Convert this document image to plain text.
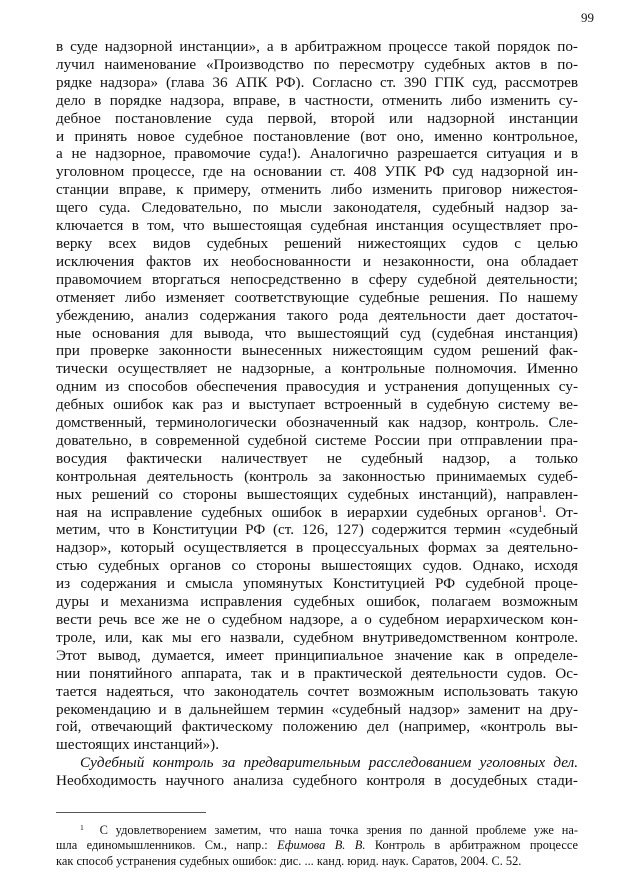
99
в суде надзорной инстанции», а в арбитражном процессе такой порядок по-
лучил наименование «Производство по пересмотру судебных актов в по-
рядке надзора» (глава 36 АПК РФ). Согласно ст. 390 ГПК суд, рассмотрев
дело в порядке надзора, вправе, в частности, отменить либо изменить су-
дебное постановление суда первой, второй или надзорной инстанции
и принять новое судебное постановление (вот оно, именно контрольное,
а не надзорное, правомочие суда!). Аналогично разрешается ситуация и в
уголовном процессе, где на основании ст. 408 УПК РФ суд надзорной ин-
станции вправе, к примеру, отменить либо изменить приговор нижестоя-
щего суда. Следовательно, по мысли законодателя, судебный надзор за-
ключается в том, что вышестоящая судебная инстанция осуществляет про-
верку всех видов судебных решений нижестоящих судов с целью
исключения фактов их необоснованности и незаконности, она обладает
правомочием вторгаться непосредственно в сферу судебной деятельности;
отменяет либо изменяет соответствующие судебные решения. По нашему
убеждению, анализ содержания такого рода деятельности дает достаточ-
ные основания для вывода, что вышестоящий суд (судебная инстанция)
при проверке законности вынесенных нижестоящим судом решений фак-
тически осуществляет не надзорные, а контрольные полномочия. Именно
одним из способов обеспечения правосудия и устранения допущенных су-
дебных ошибок как раз и выступает встроенный в судебную систему ве-
домственный, терминологически обозначенный как надзор, контроль. Сле-
довательно, в современной судебной системе России при отправлении пра-
восудия фактически наличествует не судебный надзор, а только
контрольная деятельность (контроль за законностью принимаемых судеб-
ных решений со стороны вышестоящих судебных инстанций), направлен-
ная на исправление судебных ошибок в иерархии судебных органов$^1$. От-
метим, что в Конституции РФ (ст. 126, 127) содержится термин «судебный
надзор», который осуществляется в процессуальных формах за деятельно-
стью судебных органов со стороны вышестоящих судов. Однако, исходя
из содержания и смысла упомянутых Конституцией РФ судебной проце-
дуры и механизма исправления судебных ошибок, полагаем возможным
вести речь все же не о судебном надзоре, а о судебном иерархическом кон-
троле, или, как мы его назвали, судебном внутриведомственном контроле.
Этот вывод, думается, имеет принципиальное значение как в определе-
нии понятийного аппарата, так и в практической деятельности судов. Ос-
тается надеяться, что законодатель сочтет возможным использовать такую
рекомендацию и в дальнейшем термин «судебный надзор» заменит на дру-
гой, отвечающий фактическому положению дел (например, «контроль вы-
шестоящих инстанций»).
Судебный контроль за предварительным расследованием уголовных дел.
Необходимость научного анализа судебного контроля в досудебных стади-
$^1$ С удовлетворением заметим, что наша точка зрения по данной проблеме уже на-
шла единомышленников. См., напр.: Ефимова В. В. Контроль в арбитражном процессе
как способ устранения судебных ошибок: дис. ... канд. юрид. наук. Саратов, 2004. С. 52.
